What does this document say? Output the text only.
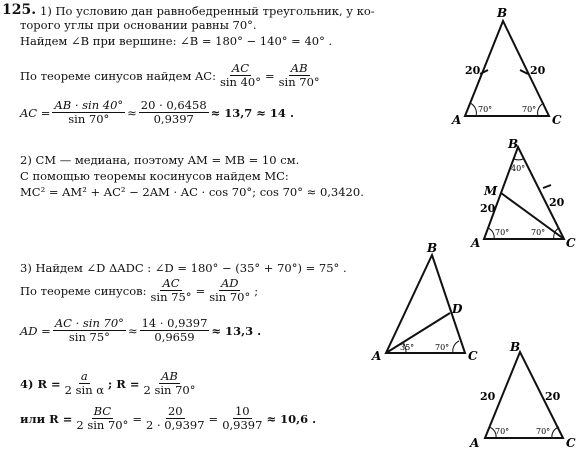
125. 1) По условию дан равнобедренный треугольник, у ко-
торого углы при основании равны 70°.
Найдем ∠B при вершине: ∠B = 180° − 140° = 40° .
По теореме синусов найдем AC: $\frac{AC}{\sin 40^\circ} = \frac{AB}{\sin 70^\circ}$
AC = $\frac{AB \cdot \sin 40^\circ}{\sin 70^\circ} \approx \frac{20 \cdot 0,6458}{0,9397} \approx 13,7 \approx 14$ .
2) CM — медиана, поэтому AM = MB = 10 см.
С помощью теоремы косинусов найдем MC:
MC² = AM² + AC² − 2AM · AC · cos 70°; cos 70° ≈ 0,3420.
3) Найдем ∠D ΔADC : ∠D = 180° − (35° + 70°) = 75° .
По теореме синусов: $\frac{AC}{\sin 75^\circ} = \frac{AD}{\sin 70^\circ}$ ;
AD = $\frac{AC \cdot \sin 70^\circ}{\sin 75^\circ} \approx \frac{14 \cdot 0,9397}{0,9659} \approx 13,3$ .
4) $R = \frac{a}{\text{2 sin α}}$ ; $R = \frac{AB}{2 \sin 70^\circ}$
или $R = \frac{BC}{2 \sin 70^\circ} = \frac{20}{2 \cdot 0,9397} = \frac{10}{0,9397} \approx 10,6$ .
B
A	C
20	20
70°	70°
B
M
A	C
20	20
40°
70°	70°
B
D
A	C
35°	70°	B
A	C
20	20
70°	70°
